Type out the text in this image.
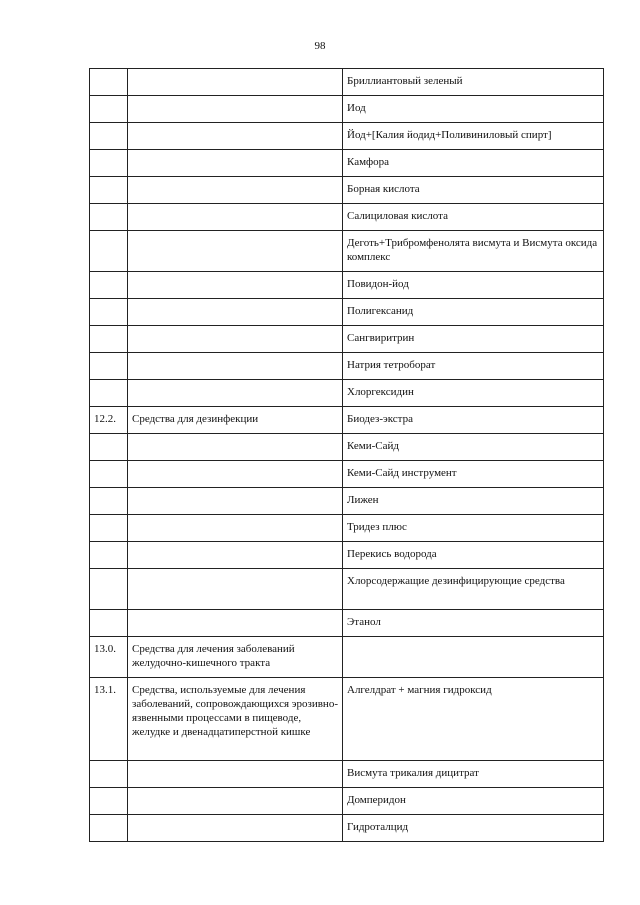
98
		Бриллиантовый зеленый
		Иод
		Йод+[Калия йодид+Поливиниловый спирт]
		Камфора
		Борная кислота
		Салициловая кислота
		Деготь+Трибромфенолята висмута и Висмута оксида комплекс
		Повидон-йод
		Полигексанид
		Сангвиритрин
		Натрия тетроборат
		Хлоргексидин
12.2.	Средства для дезинфекции	Биодез-экстра
		Кеми-Сайд
		Кеми-Сайд инструмент
		Лижен
		Тридез плюс
		Перекись водорода
		Хлорсодержащие дезинфицирующие средства
		Этанол
13.0.	Средства для лечения заболеваний желудочно-кишечного тракта	
13.1.	Средства, используемые для лечения заболеваний, сопровождающихся эрозивно- язвенными процессами в пищеводе, желудке и двенадцатиперстной кишке	Алгелдрат + магния гидроксид
		Висмута трикалия дицитрат
		Домперидон
		Гидроталцид
